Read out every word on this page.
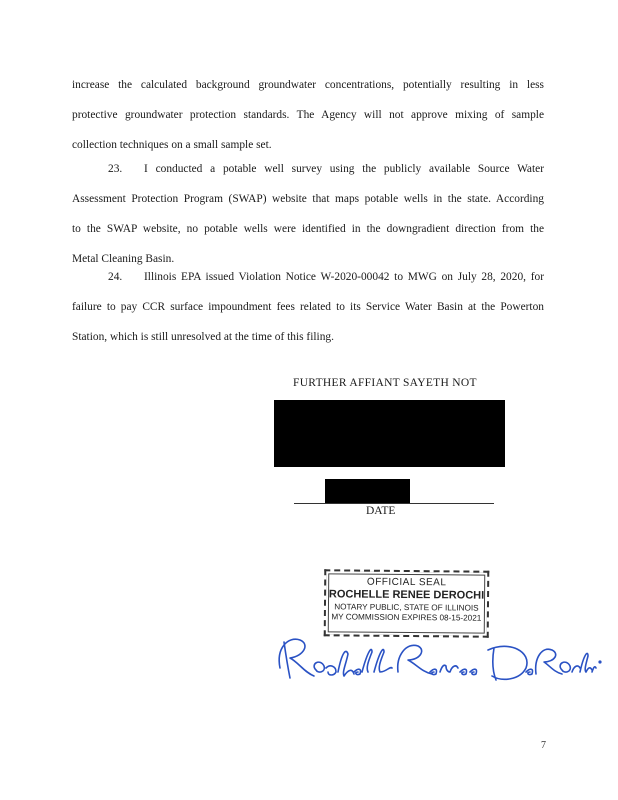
increase the calculated background groundwater concentrations, potentially resulting in less
protective groundwater protection standards. The Agency will not approve mixing of sample
collection techniques on a small sample set.
23. I conducted a potable well survey using the publicly available Source Water
Assessment Protection Program (SWAP) website that maps potable wells in the state. According
to the SWAP website, no potable wells were identified in the downgradient direction from the
Metal Cleaning Basin.
24. Illinois EPA issued Violation Notice W-2020-00042 to MWG on July 28, 2020, for
failure to pay CCR surface impoundment fees related to its Service Water Basin at the Powerton
Station, which is still unresolved at the time of this filing.
FURTHER AFFIANT SAYETH NOT
DATE
OFFICIAL SEAL
ROCHELLE RENEE DEROCHI
NOTARY PUBLIC, STATE OF ILLINOIS
MY COMMISSION EXPIRES 08-15-2021
7
